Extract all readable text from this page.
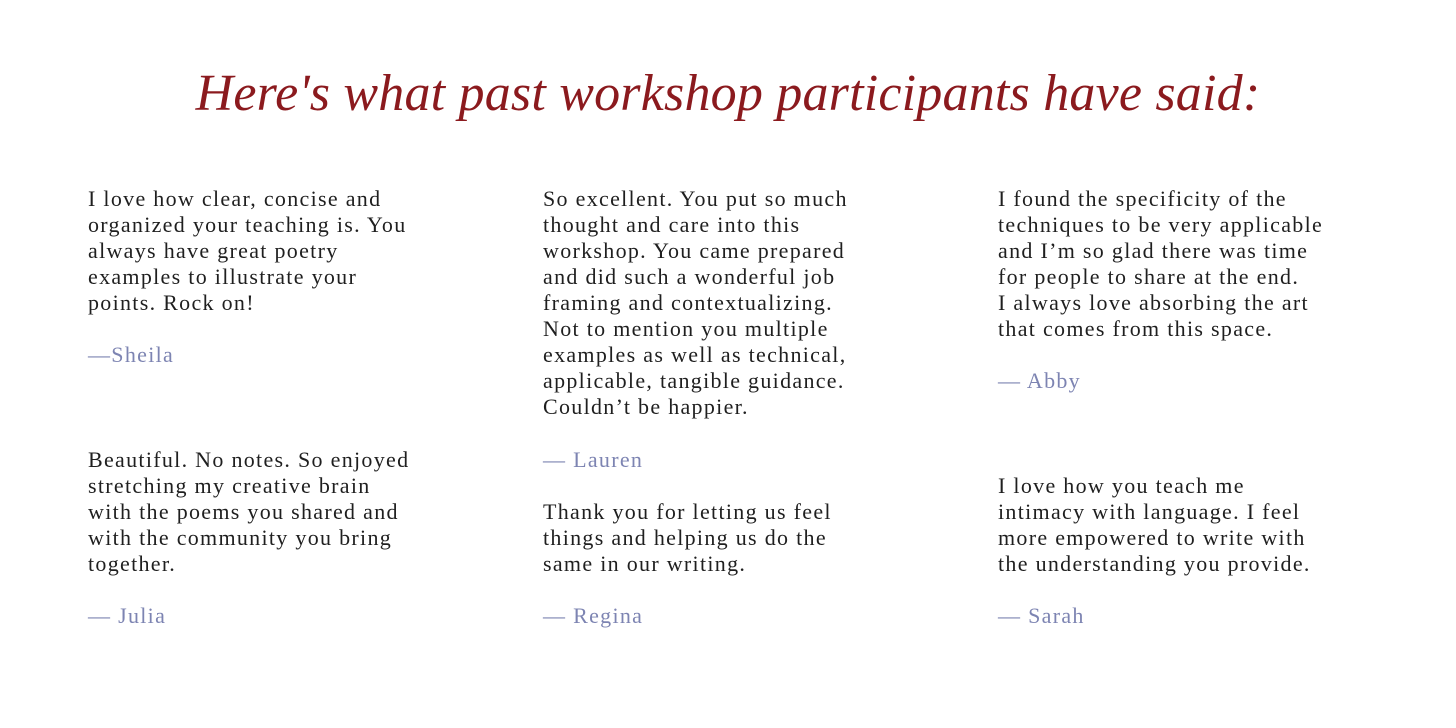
Here's what past workshop participants have said:

I love how clear, concise and
organized your teaching is. You
always have great poetry
examples to illustrate your
points. Rock on!

—Sheila

Beautiful. No notes. So enjoyed
stretching my creative brain
with the poems you shared and
with the community you bring
together.

— Julia

So excellent. You put so much
thought and care into this
workshop. You came prepared
and did such a wonderful job
framing and contextualizing.
Not to mention you multiple
examples as well as technical,
applicable, tangible guidance.
Couldn’t be happier.

— Lauren

Thank you for letting us feel
things and helping us do the
same in our writing.

— Regina

I found the specificity of the
techniques to be very applicable
and I’m so glad there was time
for people to share at the end.
I always love absorbing the art
that comes from this space.

— Abby

I love how you teach me
intimacy with language. I feel
more empowered to write with
the understanding you provide.

— Sarah
